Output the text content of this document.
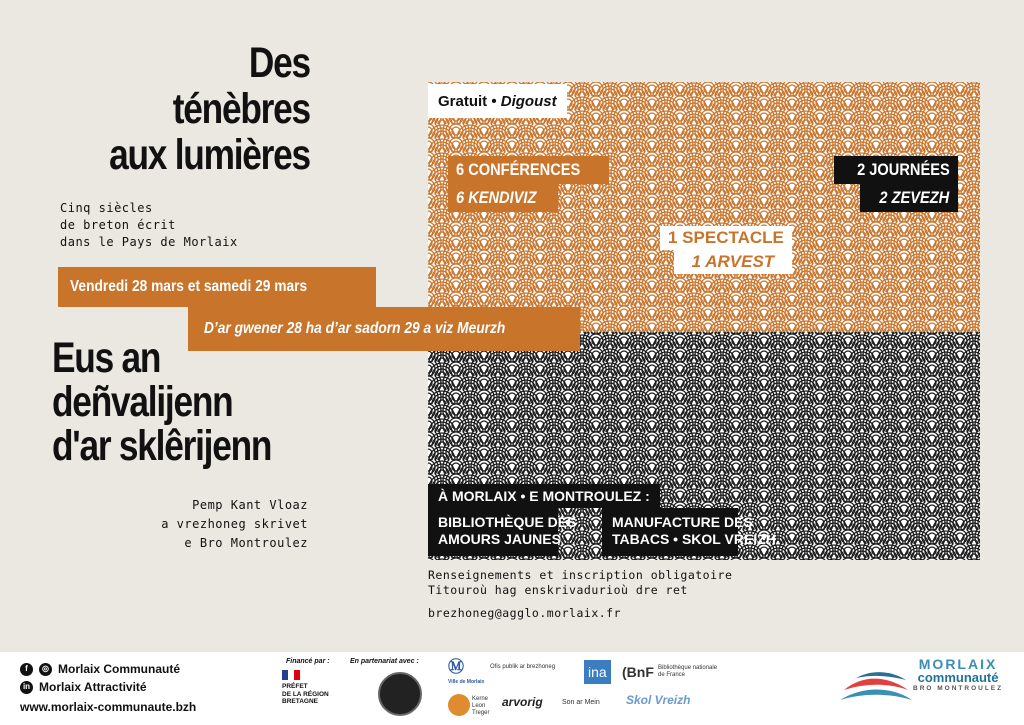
Des
ténèbres
aux lumières
Cinq siècles
de breton écrit
dans le Pays de Morlaix
Gratuit • Digoust
6 CONFÉRENCES
6 KENDIVIZ
2 JOURNÉES
2 ZEVEZH
1 SPECTACLE
1 ARVEST
À MORLAIX • E MONTROULEZ :
BIBLIOTHÈQUE DES
AMOURS JAUNES
MANUFACTURE DES
TABACS • SKOL VREIZH
Renseignements et inscription obligatoire
Titouroù hag enskrivadurioù dre ret
brezhoneg@agglo.morlaix.fr
Vendredi 28 mars et samedi 29 mars
D’ar gwener 28 ha d’ar sadorn 29 a viz Meurzh
Eus an
deñvalijenn
d'ar sklêrijenn
Pemp Kant Vloaz
a vrezhoneg skrivet
e Bro Montroulez
f	◎ Morlaix Communauté
in Morlaix Attractivité
www.morlaix-communaute.bzh
Financé par :	En partenariat avec :
PRÉFET
DE LA RÉGION
BRETAGNE
Ⓜ
Ville de Morlaix
Ofis publik ar brezhoneg ina (BnF Bibliothèque nationale de France
Kerne Leon Treger
arvorig	Son ar Mein Skol Vreizh
MORLAIX
communauté
BRO MONTROULEZ
